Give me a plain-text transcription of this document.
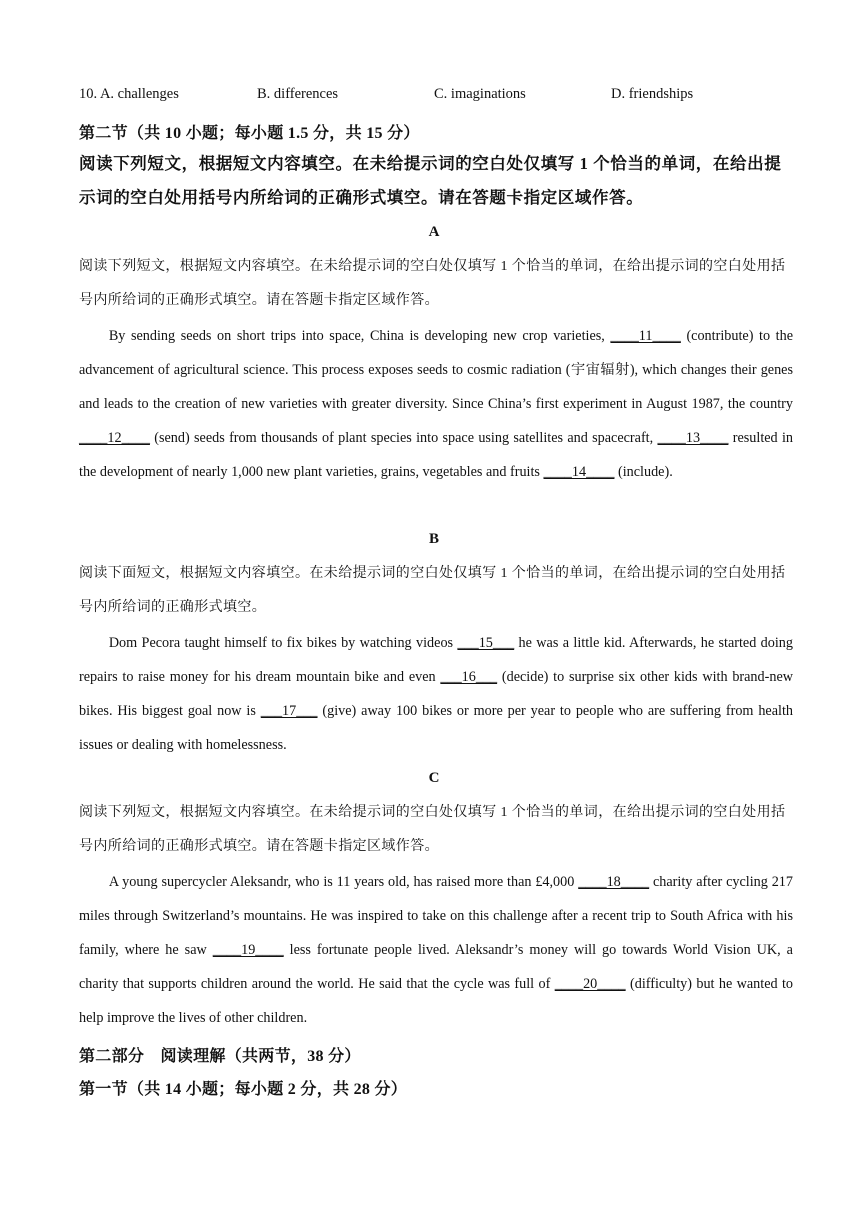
10. A. challenges	B. differences	C. imaginations	D. friendships
第二节（共 10 小题；每小题 1.5 分，共 15 分）
阅读下列短文，根据短文内容填空。在未给提示词的空白处仅填写 1 个恰当的单词，在给出提示词的空白处用括号内所给词的正确形式填空。请在答题卡指定区域作答。
A
阅读下列短文，根据短文内容填空。在未给提示词的空白处仅填写 1 个恰当的单词，在给出提示词的空白处用括号内所给词的正确形式填空。请在答题卡指定区域作答。
By sending seeds on short trips into space, China is developing new crop varieties, ____11____ (contribute) to the advancement of agricultural science. This process exposes seeds to cosmic radiation (宇宙辐射), which changes their genes and leads to the creation of new varieties with greater diversity. Since China’s first experiment in August 1987, the country ____12____ (send) seeds from thousands of plant species into space using satellites and spacecraft, ____13____ resulted in the development of nearly 1,000 new plant varieties, grains, vegetables and fruits ____14____ (include).
B
阅读下面短文，根据短文内容填空。在未给提示词的空白处仅填写 1 个恰当的单词，在给出提示词的空白处用括号内所给词的正确形式填空。
Dom Pecora taught himself to fix bikes by watching videos ___15___ he was a little kid. Afterwards, he started doing repairs to raise money for his dream mountain bike and even ___16___ (decide) to surprise six other kids with brand-new bikes. His biggest goal now is ___17___ (give) away 100 bikes or more per year to people who are suffering from health issues or dealing with homelessness.
C
阅读下列短文，根据短文内容填空。在未给提示词的空白处仅填写 1 个恰当的单词，在给出提示词的空白处用括号内所给词的正确形式填空。请在答题卡指定区域作答。
A young supercycler Aleksandr, who is 11 years old, has raised more than £4,000 ____18____ charity after cycling 217 miles through Switzerland’s mountains. He was inspired to take on this challenge after a recent trip to South Africa with his family, where he saw ____19____ less fortunate people lived. Aleksandr’s money will go towards World Vision UK, a charity that supports children around the world. He said that the cycle was full of ____20____ (difficulty) but he wanted to help improve the lives of other children.
第二部分　阅读理解（共两节，38 分）
第一节（共 14 小题；每小题 2 分，共 28 分）
